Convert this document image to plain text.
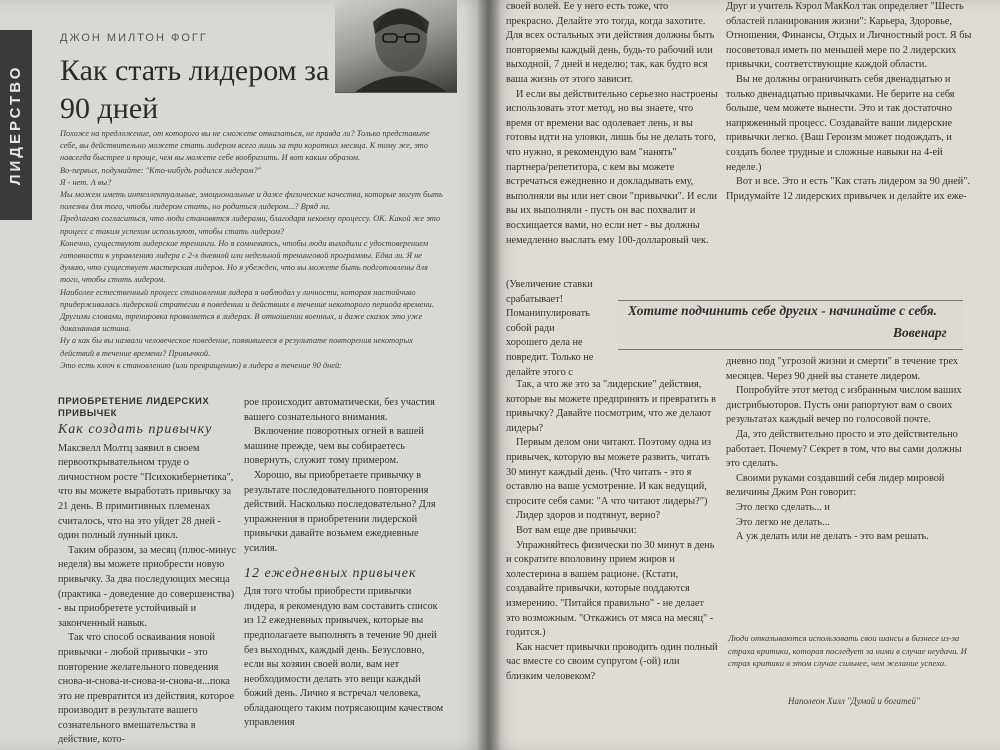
ЛИДЕРСТВО
ДЖОН МИЛТОН ФОГГ
Как стать лидером за 90 дней

Похоже на предложение, от которого вы не сможете отказаться, не правда ли? Только представьте себе, вы действительно можете стать лидером всего лишь за три коротких месяца. К тому же, это навсегда быстрее и проще, чем вы можете себе вообразить. И вот каким образом.

Во-первых, подумайте: "Кто-нибудь родился лидером?"

Я - нет. А вы?

Мы можем иметь интеллектуальные, эмоциональные и даже физические качества, которые могут быть полезны для того, чтобы лидером стать, но родиться лидером...? Вряд ли.

Предлагаю согласиться, что люди становятся лидерами, благодаря некоему процессу. ОК. Какой же это процесс с таким успехом используют, чтобы стать лидером?

Конечно, существуют лидерские тренинги. Но я сомневаюсь, чтобы люди выходили с удостоверением готовности к управлению лидера с 2-х дневной или недельной тренинговой программы. Едва ли. Я не думаю, что существует мастерская лидеров. Но я убежден, что вы можете быть подготовлены для того, чтобы стать лидером.

Наиболее естественный процесс становления лидера я наблюдал у личности, которая настойчиво придерживалась лидерской стратегии в поведении и действиях в течение некоторого периода времени. Другими словами, тренировка проявляется в лидерах. В отношении военных, и даже сказок это уже доказанная истина.

Ну а как бы вы назвали человеческое поведение, появившееся в результате повторения некоторых действий в течение времени? Привычкой.

Это есть ключ к становлению (или превращению) в лидера в течение 90 дней:

ПРИОБРЕТЕНИЕ ЛИДЕРСКИХ ПРИВЫЧЕК
Как создать привычку

Максвелл Молтц заявил в своем первооткрывательном труде о личностном росте "Психокибернетика", что вы можете выработать привычку за 21 день. В примитивных племенах считалось, что на это уйдет 28 дней - один полный лунный цикл.

Таким образом, за месяц (плюс-минус неделя) вы можете приобрести новую привычку. За два последующих месяца (практика - доведение до совершенства) - вы приобретете устойчивый и законченный навык.

Так что способ осваивания новой привычки - любой привычки - это повторение желательного поведения снова-и-снова-и-снова-и-снова-и...пока это не превратится из действия, которое производит в результате вашего сознательного вмешательства в действие, кото-

рое происходит автоматически, без участия вашего сознательного внимания.

Включение поворотных огней в вашей машине прежде, чем вы собираетесь повернуть, служит тому примером.

Хорошо, вы приобретаете привычку в результате последовательного повторения действий. Насколько последовательно? Для упражнения в приобретении лидерской привычки давайте возьмем ежедневные усилия.

12 ежедневных привычек

Для того чтобы приобрести привычки лидера, я рекомендую вам составить список из 12 ежедневных привычек, которые вы предполагаете выполнять в течение 90 дней без выходных, каждый день. Безусловно, если вы хозяин своей воли, вам нет необходимости делать это вещи каждый божий день. Лично я встречал человека, обладающего таким потрясающим качеством управления

своей волей. Ее у него есть тоже, что прекрасно. Делайте это тогда, когда захотите. Для всех остальных эти действия должны быть повторяемы каждый день, будь-то рабочий или выходной, 7 дней в неделю; так, как будто вся ваша жизнь от этого зависит.

И если вы действительно серьезно настроены использовать этот метод, но вы знаете, что время от времени вас одолевает лень, и вы готовы идти на уловки, лишь бы не делать того, что нужно, я рекомендую вам "нанять" партнера/репетитора, с кем вы можете встречаться ежедневно и докладывать ему, выполняли вы или нет свои "привычки". И если вы их выполняли - пусть он вас похвалит и восхищается вами, но если нет - вы должны немедленно выслать ему 100-долларовый чек.

(Увеличение ставки срабатывает! Поманипулировать собой ради хорошего дела не повредит. Только не делайте этого с

Так, а что же это за "лидерские" действия, которые вы можете предпринять и превратить в привычку? Давайте посмотрим, что же делают лидеры?

Первым делом они читают. Поэтому одна из привычек, которую вы можете развить, читать 30 минут каждый день. (Что читать - это я оставлю на ваше усмотрение. И как ведущий, спросите себя сами: "А что читают лидеры?")

Лидер здоров и подтянут, верно?

Вот вам еще две привычки:

Упражняйтесь физически по 30 минут в день и сократите вполовину прием жиров и холестерина в вашем рационе. (Кстати, создавайте привычки, которые поддаются измерению. "Питайся правильно" - не делает это возможным. "Откажись от мяса на месяц" - годится.)

Как насчет привычки проводить один полный час вместе со своим супругом (-ой) или близким человеком?

Друг и учитель Кэрол МакКол так определяет "Шесть областей планирования жизни": Карьера, Здоровье, Отношения, Финансы, Отдых и Личностный рост. Я бы посоветовал иметь по меньшей мере по 2 лидерских привычки, соответствующие каждой области.

Вы не должны ограничивать себя двенадцатью и только двенадцатью привычками. Не берите на себя больше, чем можете вынести. Это и так достаточно напряженный процесс. Создавайте ваши лидерские привычки легко. (Ваш Героизм может подождать, и создать более трудные и сложные навыки на 4-ей неделе.)

Вот и все. Это и есть "Как стать лидером за 90 дней". Придумайте 12 лидерских привычек и делайте их еже-

Хотите подчинить себе других - начинайте с себя.
Вовенарг

дневно под "угрозой жизни и смерти" в течение трех месяцев. Через 90 дней вы станете лидером.

Попробуйте этот метод с избранным числом ваших дистрибьюторов. Пусть они рапортуют вам о своих результатах каждый вечер по голосовой почте.

Да, это действительно просто и это действительно работает. Почему? Секрет в том, что вы сами должны это сделать.

Своими руками создавший себя лидер мировой величины Джим Рон говорит:

Это легко сделать... и

Это легко не делать...

А уж делать или не делать - это вам решать.

Люди отказываются использовать свои шансы в бизнесе из-за страха критики, которая последует за ними в случае неудачи. И страх критики в этом случае сильнее, чем желание успеха.

Наполеон Хилл "Думай и богатей"
